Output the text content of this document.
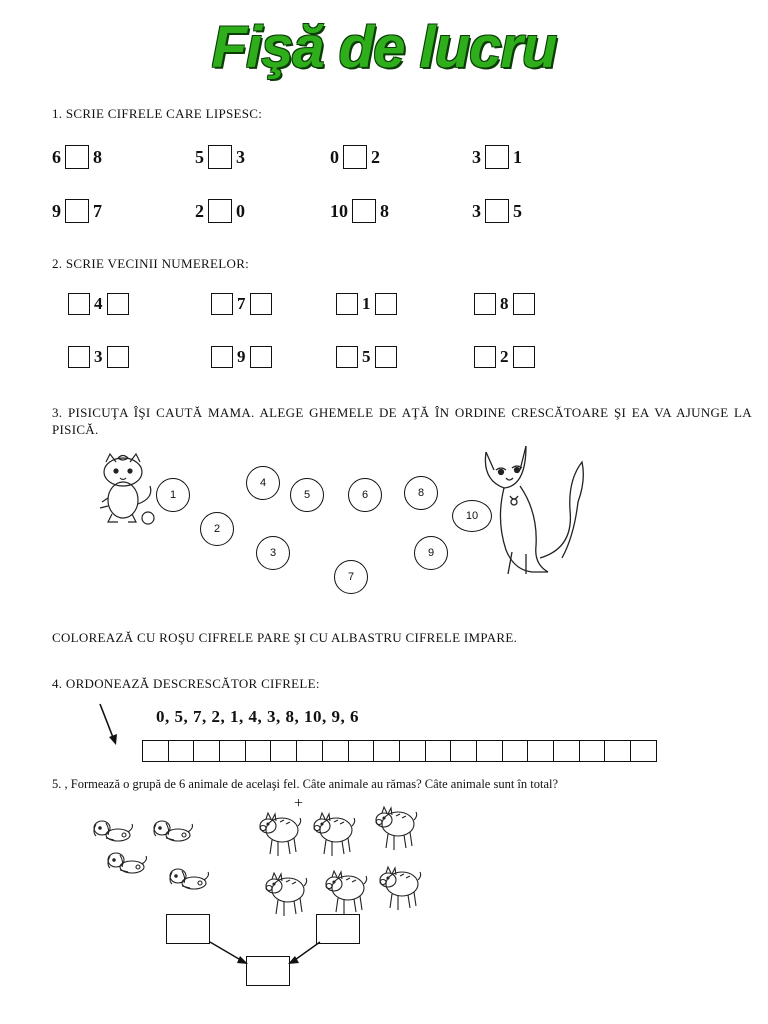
Fişă de lucru
1. SCRIE CIFRELE CARE LIPSESC:
6 8	5 3	0 2	3 1
9 7	2 0	10 8	3 5
2. SCRIE VECINII NUMERELOR:
4	7	1	8
3	9	5	2
3. PISICUŢA ÎŞI CAUTĂ MAMA. ALEGE GHEMELE DE AŢĂ ÎN ORDINE CRESCĂTOARE ŞI EA VA AJUNGE LA PISICĂ.
1
2
3
4
5	6
7
8
9
10
COLOREAZĂ CU ROŞU CIFRELE PARE ŞI CU ALBASTRU CIFRELE IMPARE.
4. ORDONEAZĂ DESCRESCĂTOR CIFRELE:
0, 5, 7, 2, 1, 4, 3, 8, 10, 9, 6
5. , Formează o grupă de 6 animale de acelaşi fel. Câte animale au rămas? Câte animale sunt în total?
+
